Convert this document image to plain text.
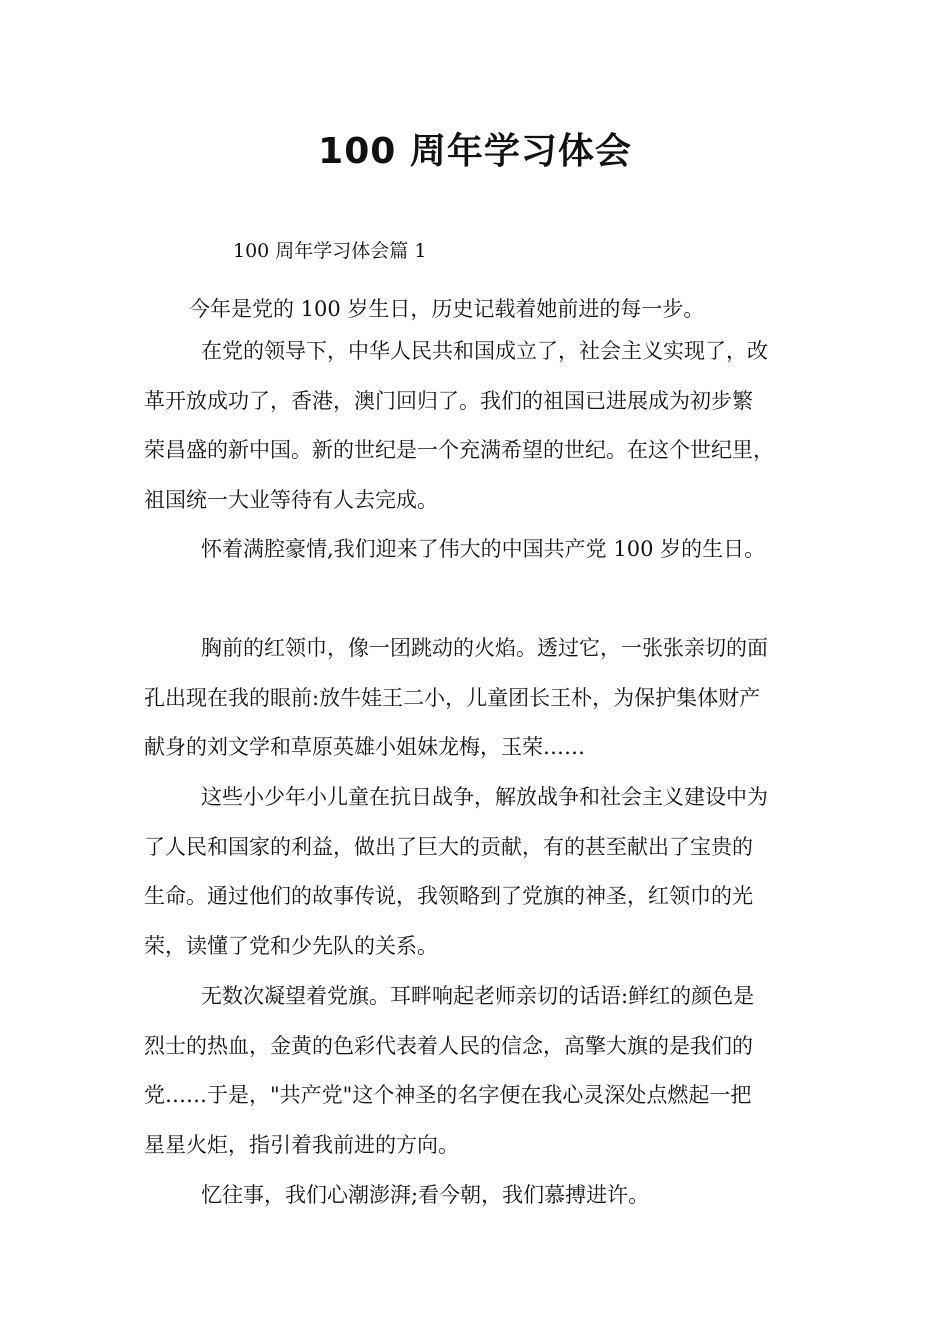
100 周年学习体会

100 周年学习体会篇 1

今年是党的 100 岁生日，历史记载着她前进的每一步。

在党的领导下，中华人民共和国成立了，社会主义实现了，改
革开放成功了，香港，澳门回归了。我们的祖国已进展成为初步繁
荣昌盛的新中国。新的世纪是一个充满希望的世纪。在这个世纪里，
祖国统一大业等待有人去完成。

怀着满腔豪情,我们迎来了伟大的中国共产党 100 岁的生日。

胸前的红领巾，像一团跳动的火焰。透过它，一张张亲切的面
孔出现在我的眼前:放牛娃王二小，儿童团长王朴，为保护集体财产
献身的刘文学和草原英雄小姐妹龙梅，玉荣……

这些小少年小儿童在抗日战争，解放战争和社会主义建设中为
了人民和国家的利益，做出了巨大的贡献，有的甚至献出了宝贵的
生命。通过他们的故事传说，我领略到了党旗的神圣，红领巾的光
荣，读懂了党和少先队的关系。

无数次凝望着党旗。耳畔响起老师亲切的话语:鲜红的颜色是
烈士的热血，金黄的色彩代表着人民的信念，高擎大旗的是我们的
党……于是，"共产党"这个神圣的名字便在我心灵深处点燃起一把
星星火炬，指引着我前进的方向。

忆往事，我们心潮澎湃;看今朝，我们慕搏进许。
